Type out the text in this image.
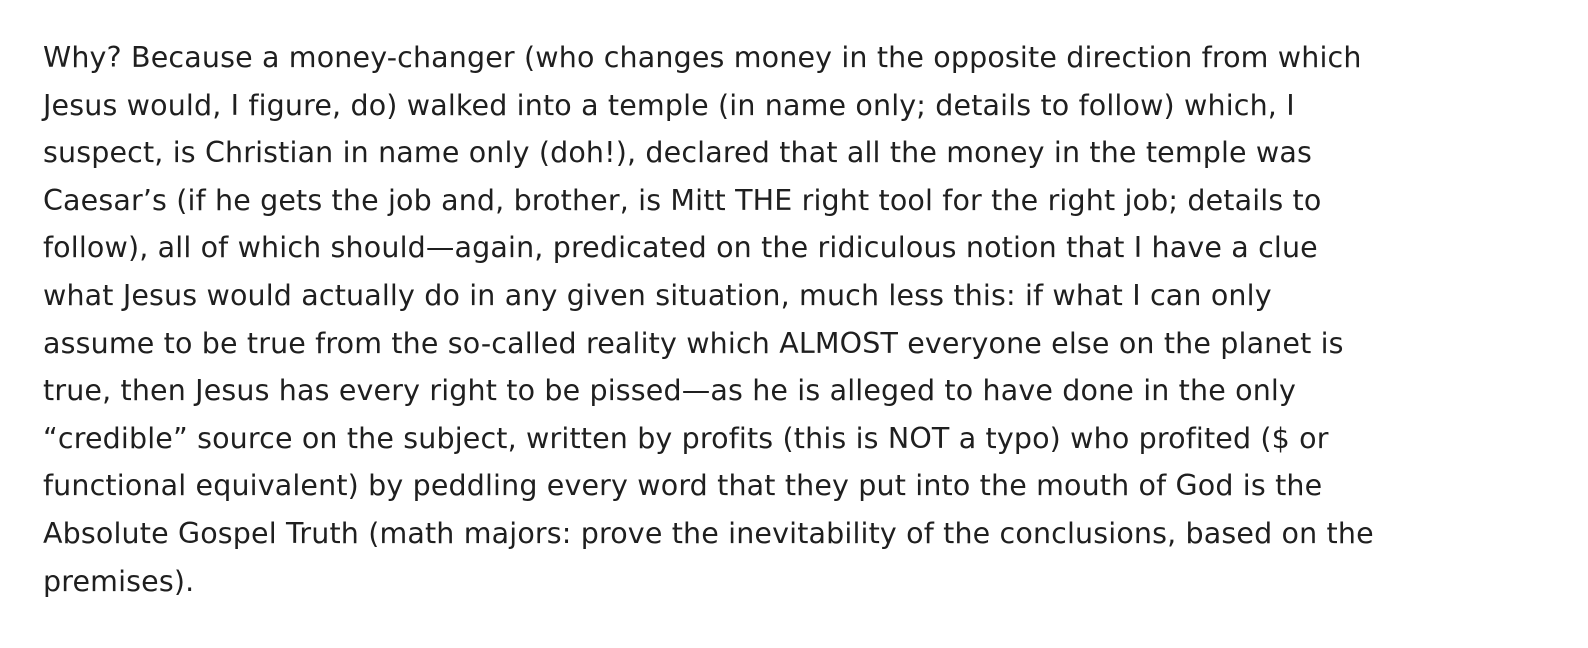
Why? Because a money-changer (who changes money in the opposite direction from which
Jesus would, I figure, do) walked into a temple (in name only; details to follow) which, I
suspect, is Christian in name only (doh!), declared that all the money in the temple was
Caesar’s (if he gets the job and, brother, is Mitt THE right tool for the right job; details to
follow), all of which should—again, predicated on the ridiculous notion that I have a clue
what Jesus would actually do in any given situation, much less this: if what I can only
assume to be true from the so-called reality which ALMOST everyone else on the planet is
true, then Jesus has every right to be pissed—as he is alleged to have done in the only
“credible” source on the subject, written by profits (this is NOT a typo) who profited ($ or
functional equivalent) by peddling every word that they put into the mouth of God is the
Absolute Gospel Truth (math majors: prove the inevitability of the conclusions, based on the
premises).
